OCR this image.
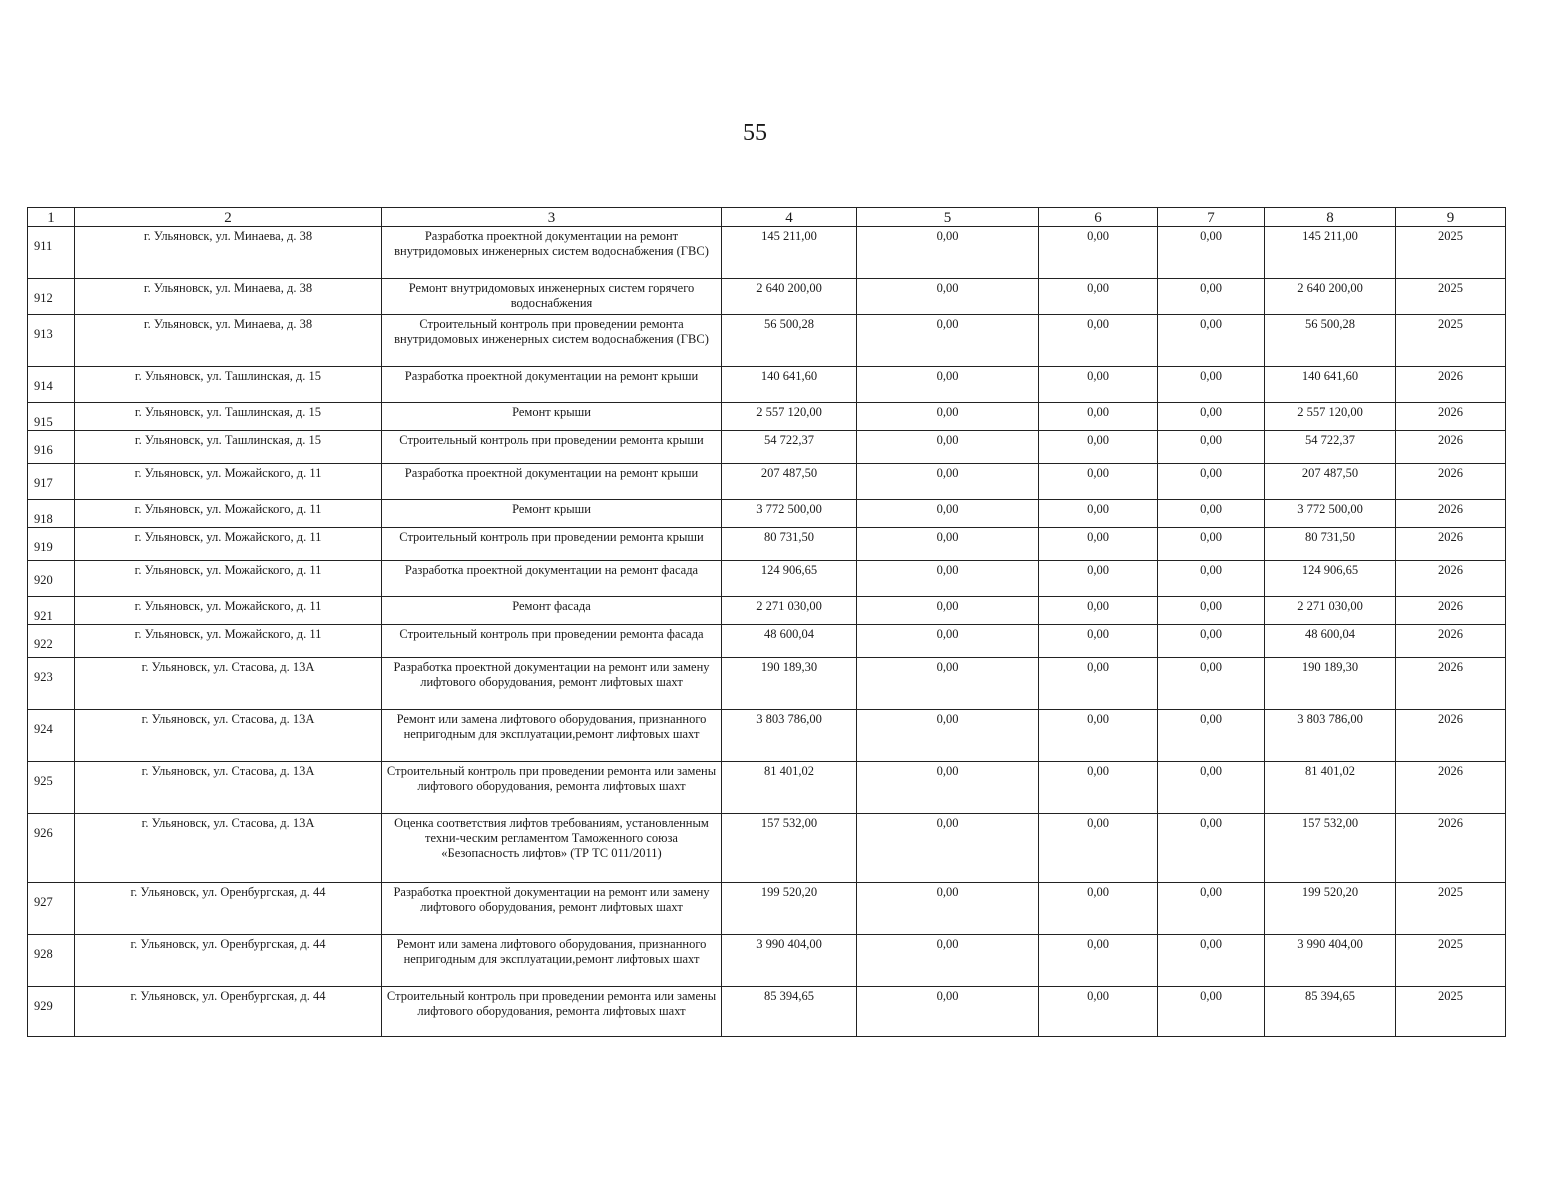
55
1	2	3	4	5	6	7	8	9
911	г. Ульяновск, ул. Минаева, д. 38	Разработка проектной документации на ремонт внутридомовых инженерных систем водоснабжения (ГВС)	145 211,00	0,00	0,00	0,00	145 211,00	2025
912	г. Ульяновск, ул. Минаева, д. 38	Ремонт внутридомовых инженерных систем горячего водоснабжения	2 640 200,00	0,00	0,00	0,00	2 640 200,00	2025
913	г. Ульяновск, ул. Минаева, д. 38	Строительный контроль при проведении ремонта внутридомовых инженерных систем водоснабжения (ГВС)	56 500,28	0,00	0,00	0,00	56 500,28	2025
914	г. Ульяновск, ул. Ташлинская, д. 15	Разработка проектной документации на ремонт крыши	140 641,60	0,00	0,00	0,00	140 641,60	2026
915	г. Ульяновск, ул. Ташлинская, д. 15	Ремонт крыши	2 557 120,00	0,00	0,00	0,00	2 557 120,00	2026
916	г. Ульяновск, ул. Ташлинская, д. 15	Строительный контроль при проведении ремонта крыши	54 722,37	0,00	0,00	0,00	54 722,37	2026
917	г. Ульяновск, ул. Можайского, д. 11	Разработка проектной документации на ремонт крыши	207 487,50	0,00	0,00	0,00	207 487,50	2026
918	г. Ульяновск, ул. Можайского, д. 11	Ремонт крыши	3 772 500,00	0,00	0,00	0,00	3 772 500,00	2026
919	г. Ульяновск, ул. Можайского, д. 11	Строительный контроль при проведении ремонта крыши	80 731,50	0,00	0,00	0,00	80 731,50	2026
920	г. Ульяновск, ул. Можайского, д. 11	Разработка проектной документации на ремонт фасада	124 906,65	0,00	0,00	0,00	124 906,65	2026
921	г. Ульяновск, ул. Можайского, д. 11	Ремонт фасада	2 271 030,00	0,00	0,00	0,00	2 271 030,00	2026
922	г. Ульяновск, ул. Можайского, д. 11	Строительный контроль при проведении ремонта фасада	48 600,04	0,00	0,00	0,00	48 600,04	2026
923	г. Ульяновск, ул. Стасова, д. 13А	Разработка проектной документации на ремонт или замену лифтового оборудования, ремонт лифтовых шахт	190 189,30	0,00	0,00	0,00	190 189,30	2026
924	г. Ульяновск, ул. Стасова, д. 13А	Ремонт или замена лифтового оборудования, признанного непригодным для эксплуатации,ремонт лифтовых шахт	3 803 786,00	0,00	0,00	0,00	3 803 786,00	2026
925	г. Ульяновск, ул. Стасова, д. 13А	Строительный контроль при проведении ремонта или замены лифтового оборудования, ремонта лифтовых шахт	81 401,02	0,00	0,00	0,00	81 401,02	2026
926	г. Ульяновск, ул. Стасова, д. 13А	Оценка соответствия лифтов требованиям, установленным техни-ческим регламентом Таможенного союза «Безопасность лифтов» (ТР ТС 011/2011)	157 532,00	0,00	0,00	0,00	157 532,00	2026
927	г. Ульяновск, ул. Оренбургская, д. 44	Разработка проектной документации на ремонт или замену лифтового оборудования, ремонт лифтовых шахт	199 520,20	0,00	0,00	0,00	199 520,20	2025
928	г. Ульяновск, ул. Оренбургская, д. 44	Ремонт или замена лифтового оборудования, признанного непригодным для эксплуатации,ремонт лифтовых шахт	3 990 404,00	0,00	0,00	0,00	3 990 404,00	2025
929	г. Ульяновск, ул. Оренбургская, д. 44	Строительный контроль при проведении ремонта или замены лифтового оборудования, ремонта лифтовых шахт	85 394,65	0,00	0,00	0,00	85 394,65	2025
